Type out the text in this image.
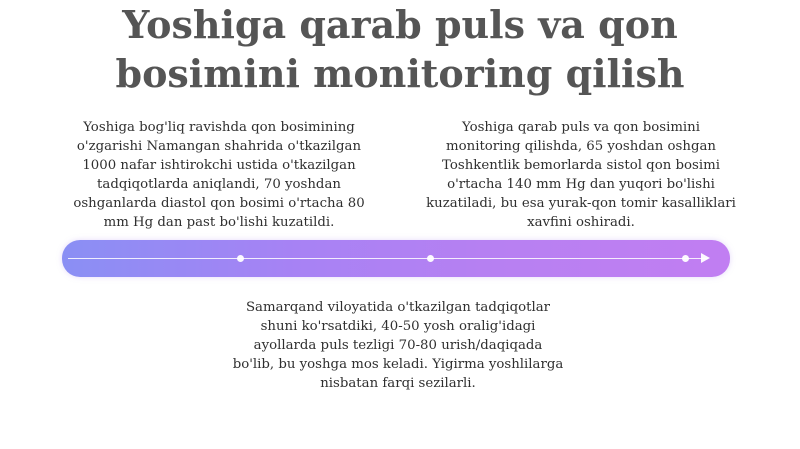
Yoshiga qarab puls va qon bosimini monitoring qilish

Yoshiga bog'liq ravishda qon bosimining o'zgarishi Namangan shahrida o'tkazilgan 1000 nafar ishtirokchi ustida o'tkazilgan tadqiqotlarda aniqlandi, 70 yoshdan oshganlarda diastol qon bosimi o'rtacha 80 mm Hg dan past bo'lishi kuzatildi.

Yoshiga qarab puls va qon bosimini monitoring qilishda, 65 yoshdan oshgan Toshkentlik bemorlarda sistol qon bosimi o'rtacha 140 mm Hg dan yuqori bo'lishi kuzatiladi, bu esa yurak-qon tomir kasalliklari xavfini oshiradi.

Samarqand viloyatida o'tkazilgan tadqiqotlar shuni ko'rsatdiki, 40-50 yosh oralig'idagi ayollarda puls tezligi 70-80 urish/daqiqada bo'lib, bu yoshga mos keladi. Yigirma yoshlilarga nisbatan farqi sezilarli.
